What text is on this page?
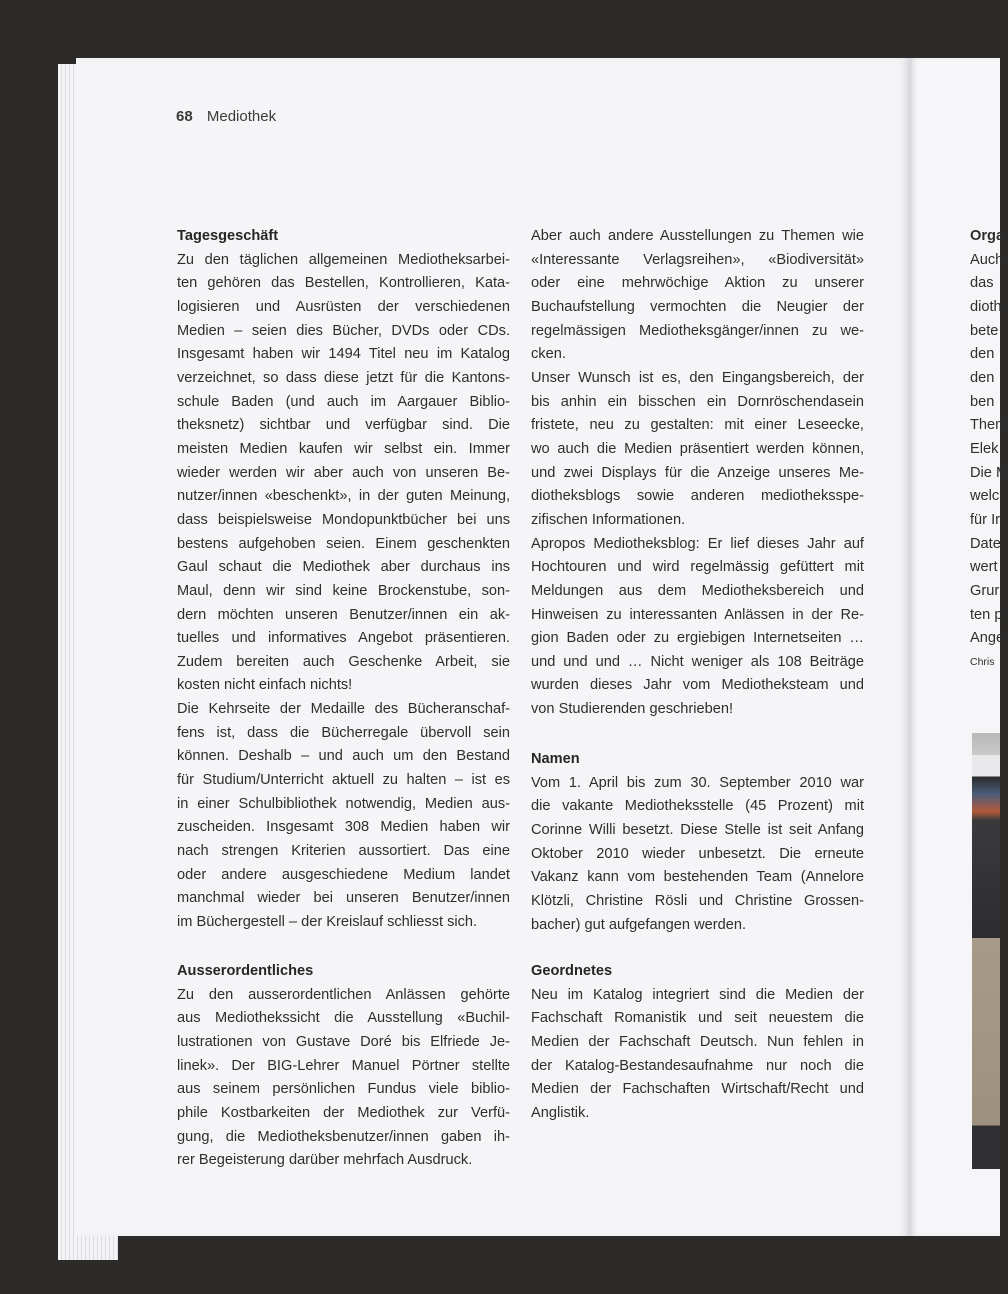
68 Mediothek
Tagesgeschäft
Zu den täglichen allgemeinen Mediotheksarbei-
ten gehören das Bestellen, Kontrollieren, Kata-
logisieren und Ausrüsten der verschiedenen
Medien – seien dies Bücher, DVDs oder CDs.
Insgesamt haben wir 1494 Titel neu im Katalog
verzeichnet, so dass diese jetzt für die Kantons-
schule Baden (und auch im Aargauer Biblio-
theksnetz) sichtbar und verfügbar sind. Die
meisten Medien kaufen wir selbst ein. Immer
wieder werden wir aber auch von unseren Be-
nutzer/innen «beschenkt», in der guten Meinung,
dass beispielsweise Mondopunktbücher bei uns
bestens aufgehoben seien. Einem geschenkten
Gaul schaut die Mediothek aber durchaus ins
Maul, denn wir sind keine Brockenstube, son-
dern möchten unseren Benutzer/innen ein ak-
tuelles und informatives Angebot präsentieren.
Zudem bereiten auch Geschenke Arbeit, sie
kosten nicht einfach nichts!
Die Kehrseite der Medaille des Bücheranschaf-
fens ist, dass die Bücherregale übervoll sein
können. Deshalb – und auch um den Bestand
für Studium/Unterricht aktuell zu halten – ist es
in einer Schulbibliothek notwendig, Medien aus-
zuscheiden. Insgesamt 308 Medien haben wir
nach strengen Kriterien aussortiert. Das eine
oder andere ausgeschiedene Medium landet
manchmal wieder bei unseren Benutzer/innen
im Büchergestell – der Kreislauf schliesst sich.
Ausserordentliches
Zu den ausserordentlichen Anlässen gehörte
aus Mediothekssicht die Ausstellung «Buchil-
lustrationen von Gustave Doré bis Elfriede Je-
linek». Der BIG-Lehrer Manuel Pörtner stellte
aus seinem persönlichen Fundus viele biblio-
phile Kostbarkeiten der Mediothek zur Verfü-
gung, die Mediotheksbenutzer/innen gaben ih-
rer Begeisterung darüber mehrfach Ausdruck.
Aber auch andere Ausstellungen zu Themen wie
«Interessante Verlagsreihen», «Biodiversität»
oder eine mehrwöchige Aktion zu unserer
Buchaufstellung vermochten die Neugier der
regelmässigen Mediotheksgänger/innen zu we-
cken.
Unser Wunsch ist es, den Eingangsbereich, der
bis anhin ein bisschen ein Dornröschendasein
fristete, neu zu gestalten: mit einer Leseecke,
wo auch die Medien präsentiert werden können,
und zwei Displays für die Anzeige unseres Me-
diotheksblogs sowie anderen mediotheksspe-
zifischen Informationen.
Apropos Mediotheksblog: Er lief dieses Jahr auf
Hochtouren und wird regelmässig gefüttert mit
Meldungen aus dem Mediotheksbereich und
Hinweisen zu interessanten Anlässen in der Re-
gion Baden oder zu ergiebigen Internetseiten …
und und und … Nicht weniger als 108 Beiträge
wurden dieses Jahr vom Mediotheksteam und
von Studierenden geschrieben!
Namen
Vom 1. April bis zum 30. September 2010 war
die vakante Mediotheksstelle (45 Prozent) mit
Corinne Willi besetzt. Diese Stelle ist seit Anfang
Oktober 2010 wieder unbesetzt. Die erneute
Vakanz kann vom bestehenden Team (Annelore
Klötzli, Christine Rösli und Christine Grossen-
bacher) gut aufgefangen werden.
Geordnetes
Neu im Katalog integriert sind die Medien der
Fachschaft Romanistik und seit neuestem die
Medien der Fachschaft Deutsch. Nun fehlen in
der Katalog-Bestandesaufnahme nur noch die
Medien der Fachschaften Wirtschaft/Recht und
Anglistik.
Orga
Auch
das
dioth
bete
den
den
ben
Them
Elek
Die M
welc
für Ir
Date
wert
Grur
ten p
Ange
Chris
